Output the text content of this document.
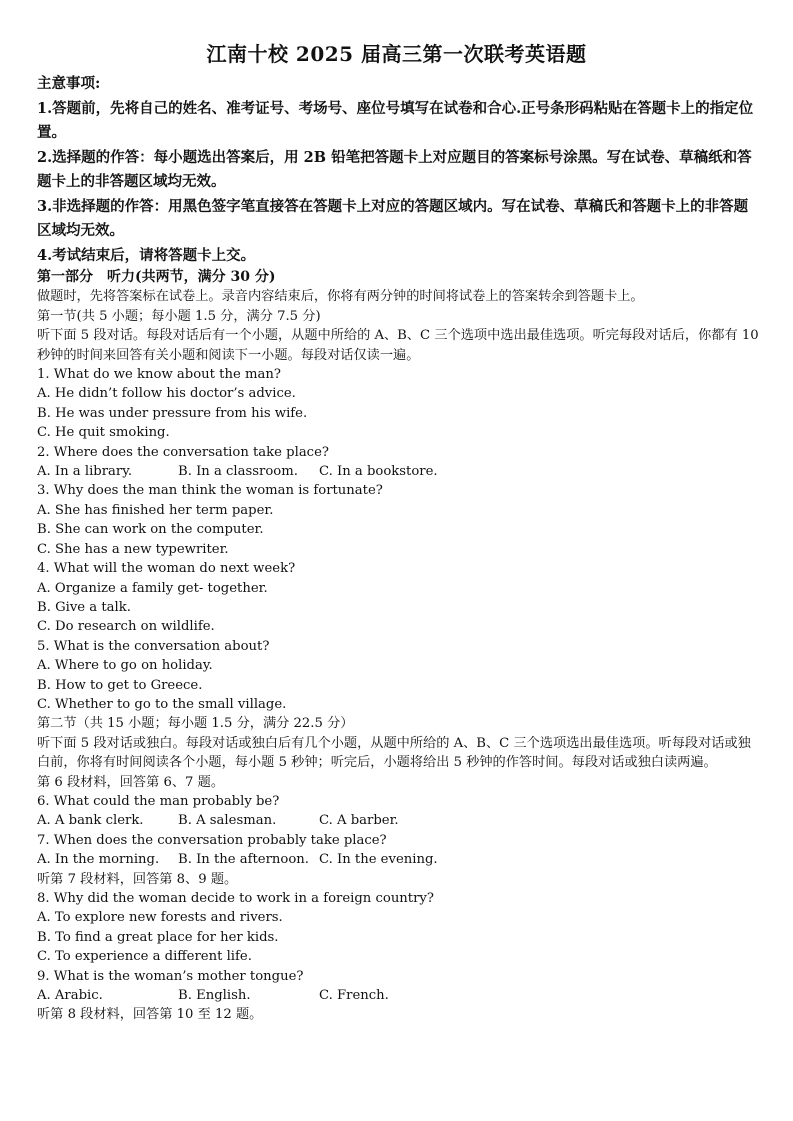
江南十校 2025 届高三第一次联考英语题
主意事项:
1.答题前，先将自己的姓名、准考证号、考场号、座位号填写在试卷和合心.正号条形码粘贴在答题卡上的指定位置。
2.选择题的作答：每小题选出答案后，用 2B 铅笔把答题卡上对应题目的答案标号涂黑。写在试卷、草稿纸和答题卡上的非答题区域均无效。
3.非选择题的作答：用黑色签字笔直接答在答题卡上对应的答题区域内。写在试卷、草稿氏和答题卡上的非答题区域均无效。
4.考试结束后，请将答题卡上交。
第一部分　听力(共两节，满分 30 分)
做题时，先将答案标在试卷上。录音内容结束后，你将有两分钟的时间将试卷上的答案转余到答题卡上。
第一节(共 5 小题；每小题 1.5 分，满分 7.5 分)
听下面 5 段对话。每段对话后有一个小题，从题中所给的 A、B、C 三个选项中选出最佳选项。听完每段对话后，你都有 10 秒钟的时间来回答有关小题和阅读下一小题。每段对话仅读一遍。
1. What do we know about the man?
A. He didn’t follow his doctor’s advice.
B. He was under pressure from his wife.
C. He quit smoking.
2. Where does the conversation take place?
A. In a library.	B. In a classroom. C. In a bookstore.
3. Why does the man think the woman is fortunate?
A. She has finished her term paper.
B. She can work on the computer.
C. She has a new typewriter.
4. What will the woman do next week?
A. Organize a family get- together.
B. Give a talk.
C. Do research on wildlife.
5. What is the conversation about?
A. Where to go on holiday.
B. How to get to Greece.
C. Whether to go to the small village.
第二节（共 15 小题；每小题 1.5 分，满分 22.5 分）
听下面 5 段对话或独白。每段对话或独白后有几个小题，从题中所给的 A、B、C 三个选项选出最佳选项。听每段对话或独白前，你将有时间阅读各个小题，每小题 5 秒钟；听完后，小题将给出 5 秒钟的作答时间。每段对话或独白读两遍。
第 6 段材料，回答第 6、7 题。
6. What could the man probably be?
A. A bank clerk.	B. A salesman.	C. A barber.
7. When does the conversation probably take place?
A. In the morning. B. In the afternoon. C. In the evening.
听第 7 段材料，回答第 8、9 题。
8. Why did the woman decide to work in a foreign country?
A. To explore new forests and rivers.
B. To find a great place for her kids.
C. To experience a different life.
9. What is the woman’s mother tongue?
A. Arabic.	B. English.	C. French.
听第 8 段材料，回答第 10 至 12 题。
